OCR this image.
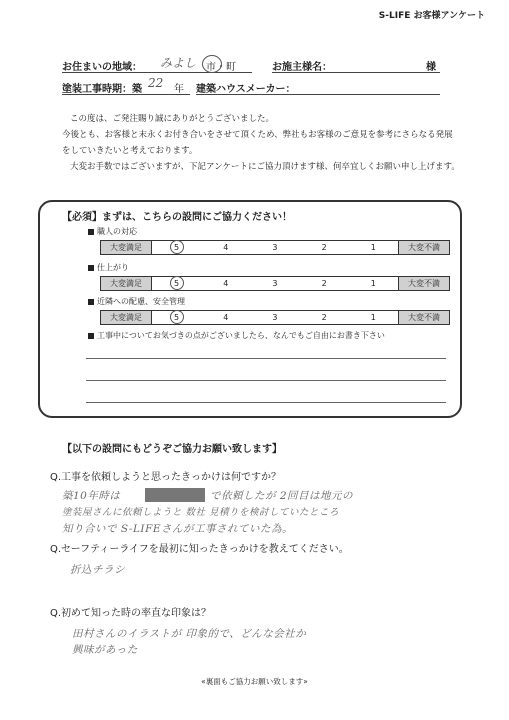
S-LIFE お客様アンケート
お住まいの地域： みよし 市・町	お施主様名：	様
塗装工事時期：築 22 年 建築ハウスメーカー：
この度は、ご発注賜り誠にありがとうございました。
今後とも、お客様と末永くお付き合いをさせて頂くため、弊社もお客様のご意見を参考にさらなる発展
をしていきたいと考えております。
大変お手数ではございますが、下記アンケートにご協力頂けます様、何卒宜しくお願い申し上げます。
【必須】まずは、こちらの設問にご協力ください！
職人の対応
大変満足	5	4	3	2	1	大変不満
仕上がり
大変満足	5	4	3	2	1	大変不満
近隣への配慮、安全管理
大変満足	5	4	3	2	1	大変不満
工事中についてお気づきの点がございましたら、なんでもご自由にお書き下さい
【以下の設問にもどうぞご協力お願い致します】
Q.工事を依頼しようと思ったきっかけは何ですか？
築10年時は	で依頼したが 2回目は地元の
塗装屋さんに依頼しようと 数社 見積りを検討していたところ
知り合いで S-LIFEさんが工事されていた為。
Q.セーフティーライフを最初に知ったきっかけを教えてください。
折込チラシ
Q.初めて知った時の率直な印象は？
田村さんのイラストが 印象的で、どんな会社か
興味があった
«裏面もご協力お願い致します»
